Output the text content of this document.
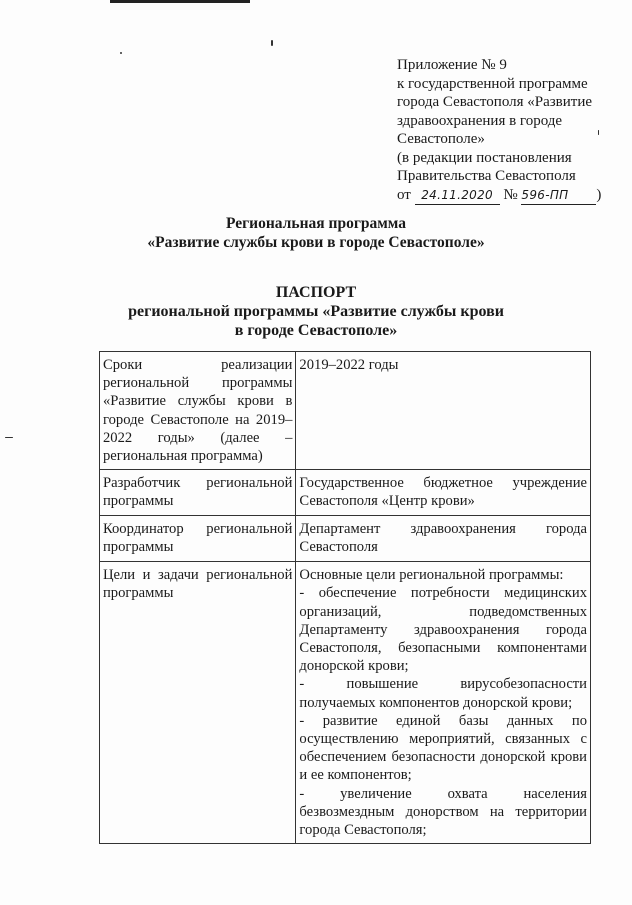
Приложение № 9
к государственной программе
города Севастополя «Развитие
здравоохранения в городе
Севастополе»
(в редакции постановления
Правительства Севастополя
от 24.11.2020 № 596-ПП )
Региональная программа
«Развитие службы крови в городе Севастополе»
ПАСПОРТ
региональной программы «Развитие службы крови
в городе Севастополе»
Сроки реализации региональной программы «Развитие службы крови в городе Севастополе на 2019–2022 годы» (далее – региональная программа)	2019–2022 годы

Разработчик региональной программы	Государственное бюджетное учреждение Севастополя «Центр крови»

Координатор региональной программы	Департамент здравоохранения города Севастополя

Цели и задачи региональной программы	Основные цели региональной программы:
- обеспечение потребности медицинских организаций, подведомственных Департаменту здравоохранения города Севастополя, безопасными компонентами донорской крови;
- повышение вирусобезопасности получаемых компонентов донорской крови;
- развитие единой базы данных по осуществлению мероприятий, связанных с обеспечением безопасности донорской крови и ее компонентов;
- увеличение охвата населения безвозмездным донорством на территории города Севастополя;
